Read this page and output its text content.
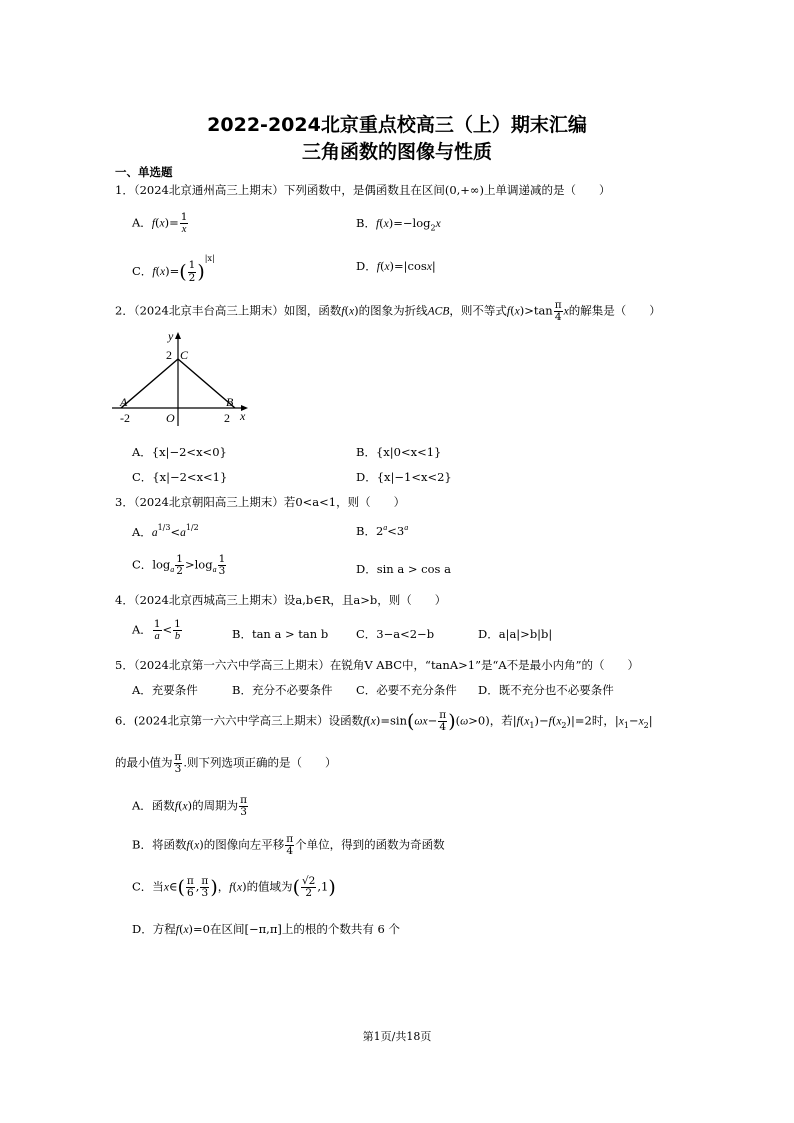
2022-2024北京重点校高三（上）期末汇编
三角函数的图像与性质
一、单选题
1．（2024北京通州高三上期末）下列函数中，是偶函数且在区间(0,+∞)上单调递减的是（　　）
A．$f(x)= \frac{1}{x}$	B．$f(x)=-\log_2x$
C．$f(x)=( \frac{1}{2} )^{|x|}$
D．f(x)=|cosx|
2．（2024北京丰台高三上期末）如图，函数f(x)的图象为折线ACB，则不等式$f(x)>\tan \frac{\pi}{4}$ x的解集是（　　）
y
x
C
2
A	B
O
-2	2
A．{x|−2<x<0}	B．{x|0<x<1}
C．{x|−2<x<1}	D．{x|−1<x<2}
3．（2024北京朝阳高三上期末）若0<a<1，则（　　）
A．$a^{1/3}<a^{1/2}$	B．$2^a<3^a$
C．$\log_a \frac{1}{2} >\log_a \frac{1}{3}$	D．sin a > cos a
4．（2024北京西城高三上期末）设a,b∈R，且a>b，则（　　）
A． $\frac{1}{a} < \frac{1}{b}$	B．tan a > tan b C．3−a<2−b	D．a|a|>b|b|
5．（2024北京第一六六中学高三上期末）在锐角V ABC中，“tanA>1”是“A不是最小内角”的（　　）
A．充要条件	B．充分不必要条件 C．必要不充分条件 D．既不充分也不必要条件
6．(2024北京第一六六中学高三上期末）设函数$f(x)=\sin(\omega x- \frac{\pi}{4} )(\omega>0)$，若$|f(x_1)-f(x_2)|=2$时，$|x_1-x_2|$
的最小值为 $\frac{\pi}{3}$ .则下列选项正确的是（　　）
A．函数f(x)的周期为 $\frac{\pi}{3}$
B．将函数f(x)的图像向左平移 $\frac{\pi}{4}$ 个单位，得到的函数为奇函数
C．当x∈( $\frac{\pi}{6}$ , $\frac{\pi}{3}$ )，f(x)的值域为( $\frac{√2}{2} ,1$)
D．方程f(x)=0在区间[−π,π]上的根的个数共有 6 个
第1页/共18页
